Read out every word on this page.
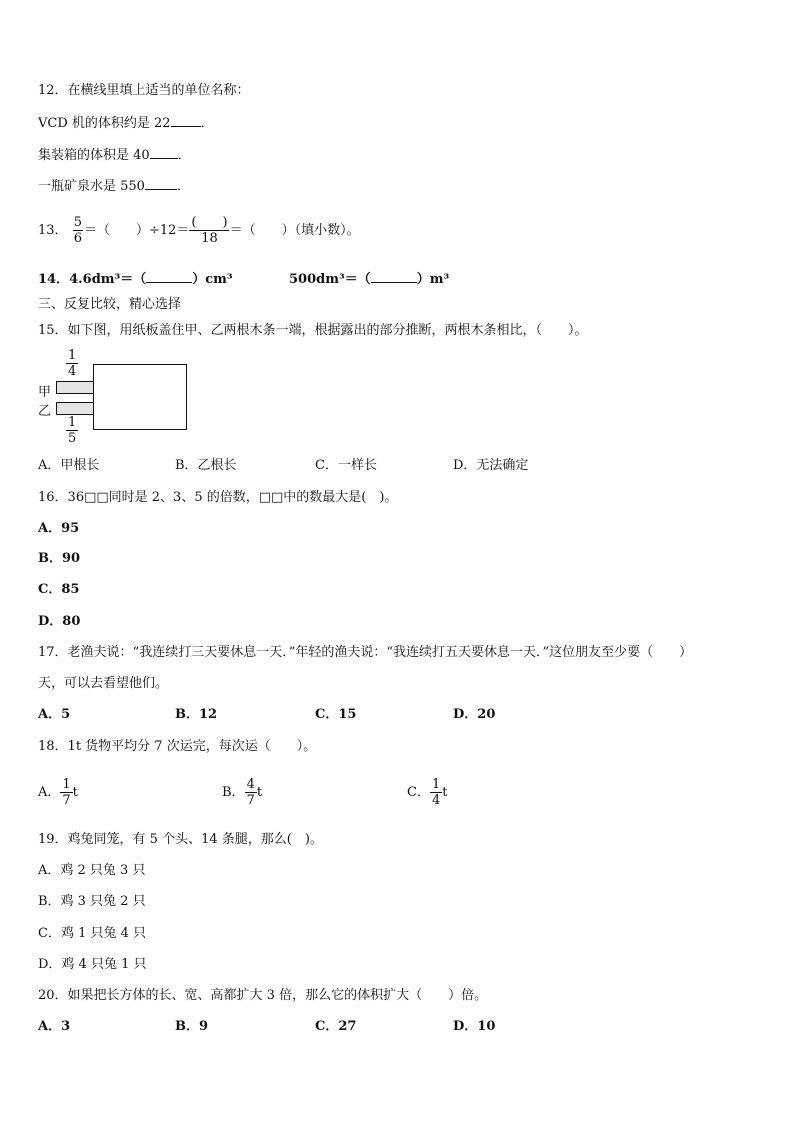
12．在横线里填上适当的单位名称：
VCD 机的体积约是 22 ．
集装箱的体积是 40 ．
一瓶矿泉水是 550 ．
13． $\frac{5}{6}$ ＝（　　）$\div 12= \frac{( )}{18}$ ＝（　　）（填小数）。
14．4.6dm³＝（	）cm³	500dm³＝（	）m³
三、反复比较，精心选择
15．如下图，用纸板盖住甲、乙两根木条一端，根据露出的部分推断，两根木条相比，（　　）。
$\frac{1}{4}$
甲
乙
$\frac{1}{5}$
A．甲根长	B．乙根长	C．一样长	D．无法确定
16．36□□同时是 2、3、5 的倍数，□□中的数最大是(　)。
A．95
B．90
C．85
D．80
17．老渔夫说：“我连续打三天要休息一天．”年轻的渔夫说：“我连续打五天要休息一天．”这位朋友至少要（　　）
天，可以去看望他们。
A．5	B．12	C．15	D．20
18．1t 货物平均分 7 次运完，每次运（　　）。
A． $\frac{1}{7}$ t	B． $\frac{4}{7}$ t	C． $\frac{1}{4}$ t
19．鸡兔同笼，有 5 个头、14 条腿，那么(　)。
A．鸡 2 只兔 3 只
B．鸡 3 只兔 2 只
C．鸡 1 只兔 4 只
D．鸡 4 只兔 1 只
20．如果把长方体的长、宽、高都扩大 3 倍，那么它的体积扩大（　　）倍。
A．3	B．9	C．27	D．10
